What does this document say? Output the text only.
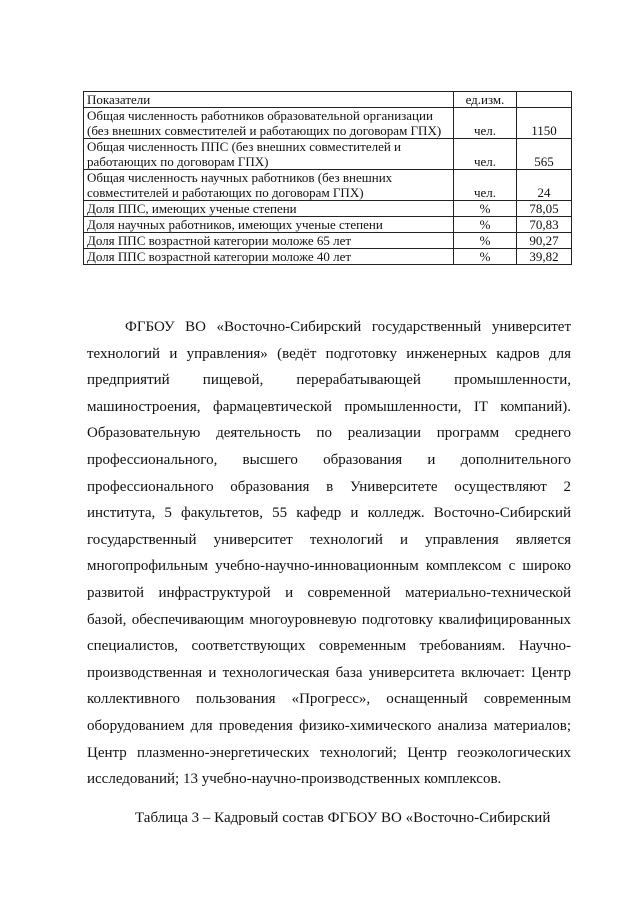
Показатели	ед.изм.	
Общая численность работников образовательной организации (без внешних совместителей и работающих по договорам ГПХ)	чел.	1150
Общая численность ППС (без внешних совместителей и работающих по договорам ГПХ)	чел.	565
Общая численность научных работников (без внешних совместителей и работающих по договорам ГПХ)	чел.	24
Доля ППС, имеющих ученые степени	%	78,05
Доля научных работников, имеющих ученые степени	%	70,83
Доля ППС возрастной категории моложе 65 лет	%	90,27
Доля ППС возрастной категории моложе 40 лет	%	39,82

ФГБОУ ВО «Восточно-Сибирский государственный университет технологий и управления» (ведёт подготовку инженерных кадров для предприятий пищевой, перерабатывающей промышленности, машиностроения, фармацевтической промышленности, IT компаний). Образовательную деятельность по реализации программ среднего профессионального, высшего образования и дополнительного профессионального образования в Университете осуществляют 2 института, 5 факультетов, 55 кафедр и колледж. Восточно-Сибирский государственный университет технологий и управления является многопрофильным учебно-научно-инновационным комплексом с широко развитой инфраструктурой и современной материально-технической базой, обеспечивающим многоуровневую подготовку квалифицированных специалистов, соответствующих современным требованиям. Научно-производственная и технологическая база университета включает: Центр коллективного пользования «Прогресс», оснащенный современным оборудованием для проведения физико-химического анализа материалов; Центр плазменно-энергетических технологий; Центр геоэкологических исследований; 13 учебно-научно-производственных комплексов.

Таблица 3 – Кадровый состав ФГБОУ ВО «Восточно-Сибирский
